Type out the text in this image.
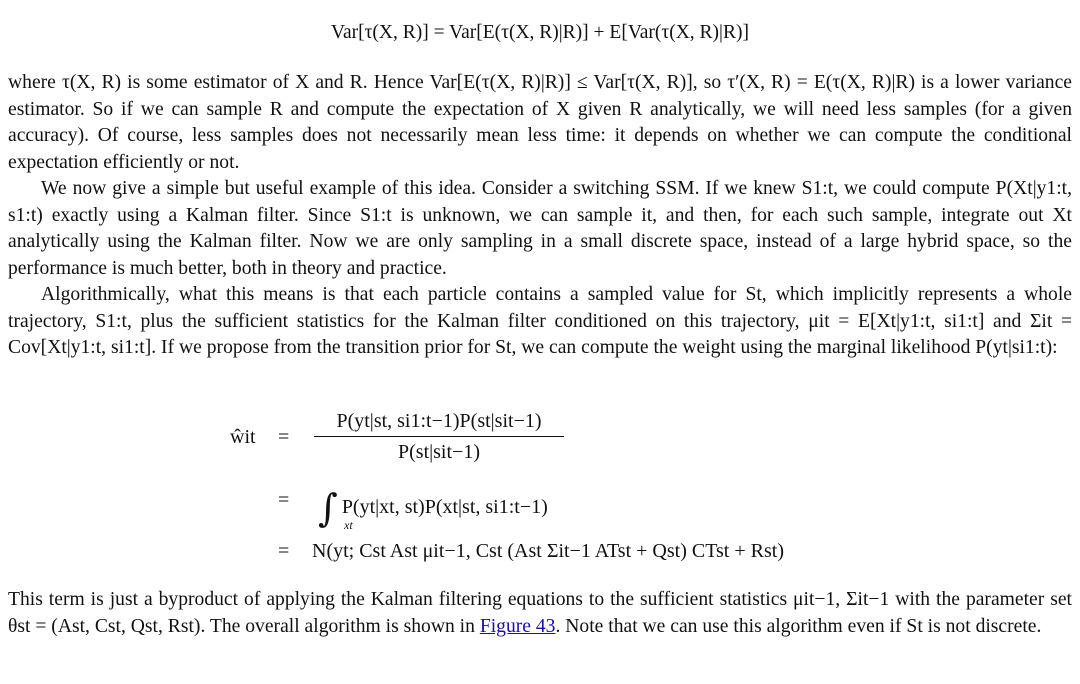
Var[τ(X, R)] = Var[E(τ(X, R)|R)] + E[Var(τ(X, R)|R)]

where τ(X, R) is some estimator of X and R. Hence Var[E(τ(X, R)|R)] ≤ Var[τ(X, R)], so τ′(X, R) = E(τ(X, R)|R) is a lower variance estimator. So if we can sample R and compute the expectation of X given R analytically, we will need less samples (for a given accuracy). Of course, less samples does not necessarily mean less time: it depends on whether we can compute the conditional expectation efficiently or not.

We now give a simple but useful example of this idea. Consider a switching SSM. If we knew S1:t, we could compute P(Xt|y1:t, s1:t) exactly using a Kalman filter. Since S1:t is unknown, we can sample it, and then, for each such sample, integrate out Xt analytically using the Kalman filter. Now we are only sampling in a small discrete space, instead of a large hybrid space, so the performance is much better, both in theory and practice.

Algorithmically, what this means is that each particle contains a sampled value for St, which implicitly represents a whole trajectory, S1:t, plus the sufficient statistics for the Kalman filter conditioned on this trajectory, μit = E[Xt|y1:t, si1:t] and Σit = Cov[Xt|y1:t, si1:t]. If we propose from the transition prior for St, we can compute the weight using the marginal likelihood P(yt|si1:t):

ŵit =
P(yt|st, si1:t−1)P(st|sit−1)
P(st|sit−1)
= ∫ P(yt|xt, st)P(xt|st, si1:t−1)
xt
= N(yt; Cst Ast μit−1, Cst (Ast Σit−1 ATst + Qst) CTst + Rst)

This term is just a byproduct of applying the Kalman filtering equations to the sufficient statistics μit−1, Σit−1 with the parameter set θst = (Ast, Cst, Qst, Rst). The overall algorithm is shown in Figure 43. Note that we can use this algorithm even if St is not discrete.
